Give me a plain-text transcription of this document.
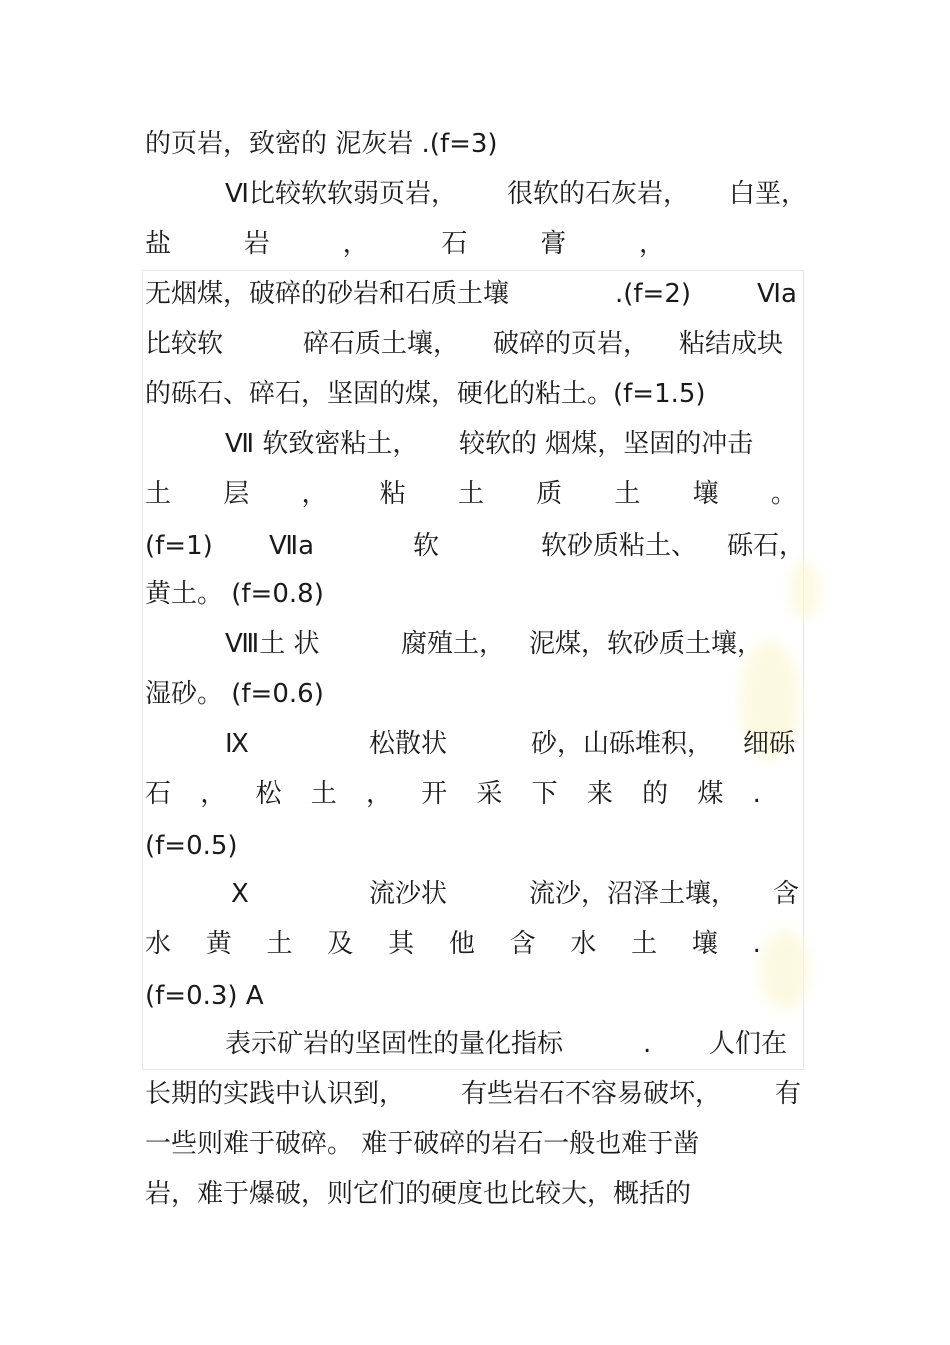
的页岩，致密的 泥灰岩 .(f=3)
Ⅵ比较软软弱页岩， 很软的石灰岩， 白垩，
盐	岩	，	石	膏	，
无烟煤，破碎的砂岩和石质土壤	.(f=2)	Ⅵa
比较软	碎石质土壤， 破碎的页岩， 粘结成块
的砾石、碎石，坚固的煤，硬化的粘土。(f=1.5)
Ⅶ 软致密粘土， 较软的 烟煤，坚固的冲击
土 层 ， 粘 土 质 土 壤 。
(f=1) Ⅶa	软	软砂质粘土、 砾石，
黄土。 (f=0.8)
Ⅷ土 状	腐殖土， 泥煤，软砂质土壤，
湿砂。 (f=0.6)
Ⅸ	松散状	砂，山砾堆积， 细砾
石 ， 松 土 ， 开 采 下 来 的 煤 .
(f=0.5)
Ⅹ	流沙状	流沙，沼泽土壤， 含
水 黄 土 及 其 他 含 水 土 壤 .
(f=0.3) A
表示矿岩的坚固性的量化指标	. 人们在
长期的实践中认识到， 有些岩石不容易破坏， 有
一些则难于破碎。 难于破碎的岩石一般也难于凿
岩，难于爆破，则它们的硬度也比较大，概括的
